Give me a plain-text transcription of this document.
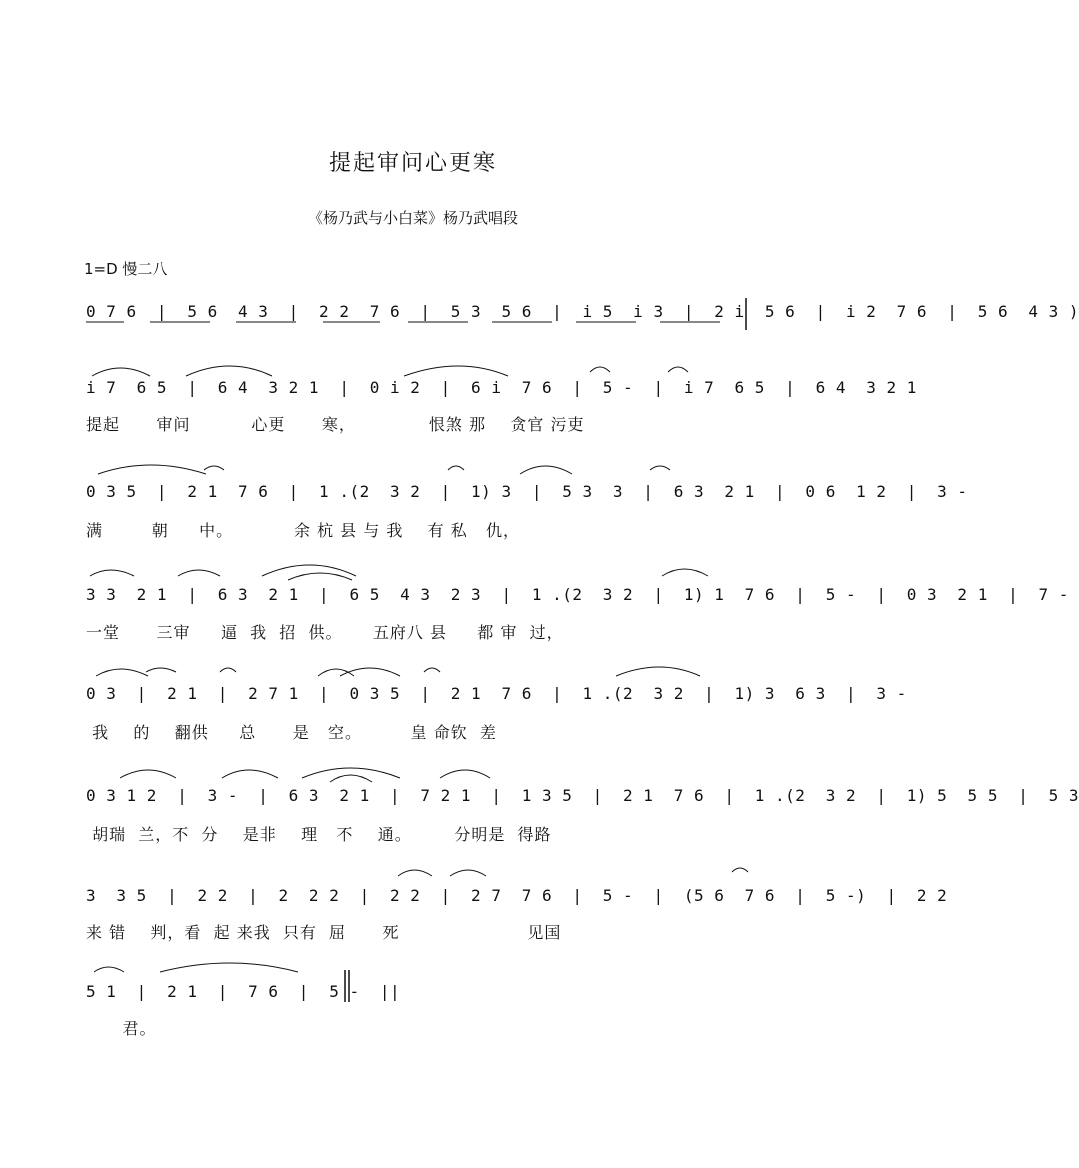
提起审问心更寒
《杨乃武与小白菜》杨乃武唱段
1=D 慢二八
0 7 6  |  5 6  4 3  |  2 2  7 6  |  5 3  5 6  |  i 5  i 3  |  2 i  5 6  |  i 2  7 6  |  5 6  4 3 )
i 7  6 5  |  6 4  3 2 1  |  0 i 2  |  6 i  7 6  |  5 -  |  i 7  6 5  |  6 4  3 2 1
提起      审问          心更      寒，            恨煞 那    贪官 污吏
0 3 5  |  2 1  7 6  |  1 .(2  3 2  |  1) 3  |  5 3  3  |  6 3  2 1  |  0 6  1 2  |  3 -
满        朝     中。          余 杭 县 与 我    有 私   仇，
3 3  2 1  |  6 3  2 1  |  6 5  4 3  2 3  |  1 .(2  3 2  |  1) 1  7 6  |  5 -  |  0 3  2 1  |  7 -
一堂      三审     逼  我  招  供。     五府八 县     都 审  过，
0 3  |  2 1  |  2 7 1  |  0 3 5  |  2 1  7 6  |  1 .(2  3 2  |  1) 3  6 3  |  3 -
我    的    翻供     总      是   空。        皇 命钦  差
0 3 1 2  |  3 -  |  6 3  2 1  |  7 2 1  |  1 3 5  |  2 1  7 6  |  1 .(2  3 2  |  1) 5  5 5  |  5 3
胡瑞  兰，不  分    是非    理   不    通。       分明是  得路
3  3 5  |  2 2  |  2  2 2  |  2 2  |  2 7  7 6  |  5 -  |  (5 6  7 6  |  5 -)  |  2 2
来 错    判，看  起 来我  只有  屈      死                     见国
5 1  |  2 1  |  7 6  |  5 -  ||
君。
